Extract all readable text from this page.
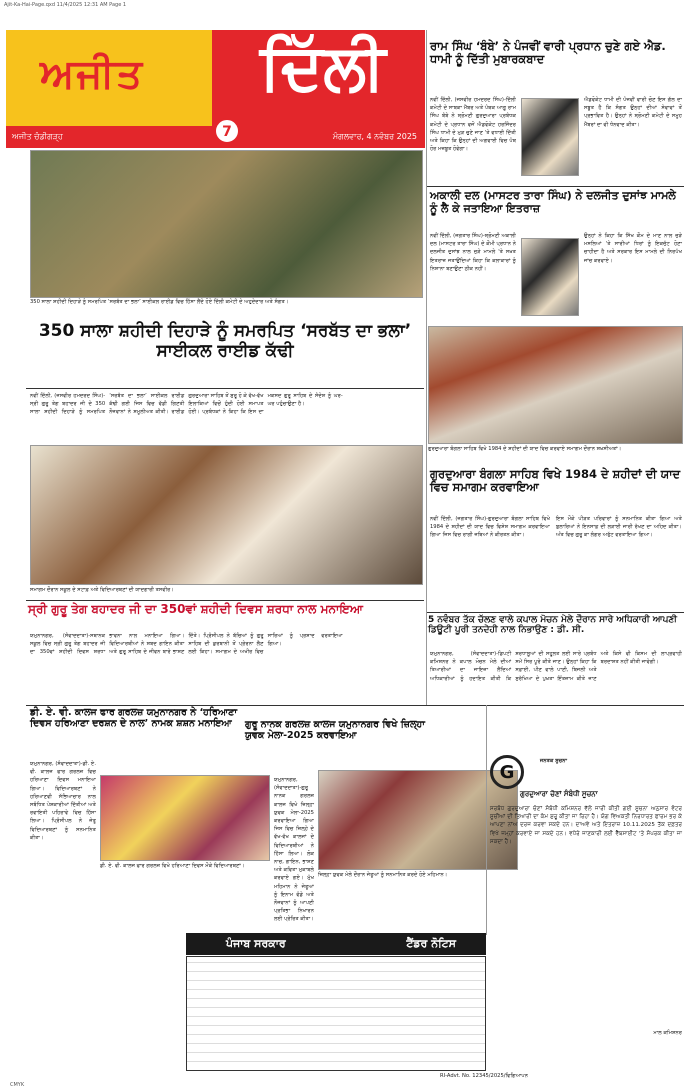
Ajit-Ka-Hai-Page.qxd 11/4/2025 12:31 AM Page 1
ਅਜੀਤ ਦਿੱਲੀ
ਅਜੀਤ ਚੰਡੀਗੜ੍ਹ	ਮੰਗਲਵਾਰ, 4 ਨਵੰਬਰ 2025
7
ਰਾਮ ਸਿੰਘ ‘ਬੰਬੇ’ ਨੇ ਪੰਜਵੀਂ ਵਾਰੀ ਪ੍ਰਧਾਨ ਚੁਣੇ ਗਏ ਐਡ. ਧਾਮੀ ਨੂੰ ਦਿੱਤੀ ਮੁਬਾਰਕਬਾਦ
ਨਵੀਂ ਦਿੱਲੀ, (ਜਸਵੀਰ ਹਮਦਰਦ ਸਿੰਘ)-ਦਿੱਲੀ ਕਮੇਟੀ ਦੇ ਸਾਬਕਾ ਮੈਂਬਰ ਅਤੇ ਪੰਥਕ ਆਗੂ ਰਾਮ ਸਿੰਘ ਬੰਬੇ ਨੇ ਸ਼੍ਰੋਮਣੀ ਗੁਰਦੁਆਰਾ ਪ੍ਰਬੰਧਕ ਕਮੇਟੀ ਦੇ ਪ੍ਰਧਾਨ ਵਜੋਂ ਐਡਵੋਕੇਟ ਹਰਜਿੰਦਰ ਸਿੰਘ ਧਾਮੀ ਦੇ ਮੁੜ ਚੁਣੇ ਜਾਣ 'ਤੇ ਵਧਾਈ ਦਿੱਤੀ ਅਤੇ ਕਿਹਾ ਕਿ ਉਨ੍ਹਾਂ ਦੀ ਅਗਵਾਈ ਵਿਚ ਪੰਥ ਹੋਰ ਮਜ਼ਬੂਤ ਹੋਵੇਗਾ।
ਐਡਵੋਕੇਟ ਧਾਮੀ ਦੀ ਪੰਜਵੀਂ ਵਾਰੀ ਚੋਣ ਇਸ ਗੱਲ ਦਾ ਸਬੂਤ ਹੈ ਕਿ ਸੰਗਤ ਉਨ੍ਹਾਂ ਦੀਆਂ ਸੇਵਾਵਾਂ ਤੋਂ ਪ੍ਰਭਾਵਿਤ ਹੈ। ਉਨ੍ਹਾਂ ਨੇ ਸ਼੍ਰੋਮਣੀ ਕਮੇਟੀ ਦੇ ਸਮੂਹ ਮੈਂਬਰਾਂ ਦਾ ਵੀ ਧੰਨਵਾਦ ਕੀਤਾ।
ਅਕਾਲੀ ਦਲ (ਮਾਸਟਰ ਤਾਰਾ ਸਿੰਘ) ਨੇ ਦਲਜੀਤ ਦੁਸਾਂਝ ਮਾਮਲੇ ਨੂੰ ਲੈ ਕੇ ਜਤਾਇਆ ਇਤਰਾਜ਼
ਨਵੀਂ ਦਿੱਲੀ, (ਜਗਤਾਰ ਸਿੰਘ)-ਸ਼੍ਰੋਮਣੀ ਅਕਾਲੀ ਦਲ (ਮਾਸਟਰ ਤਾਰਾ ਸਿੰਘ) ਦੇ ਕੌਮੀ ਪ੍ਰਧਾਨ ਨੇ ਦਲਜੀਤ ਦੁਸਾਂਝ ਨਾਲ ਜੁੜੇ ਮਾਮਲੇ 'ਤੇ ਸਖ਼ਤ ਇਤਰਾਜ਼ ਜਤਾਉਂਦਿਆਂ ਕਿਹਾ ਕਿ ਕਲਾਕਾਰਾਂ ਨੂੰ ਨਿਸ਼ਾਨਾ ਬਣਾਉਣਾ ਠੀਕ ਨਹੀਂ।
ਉਨ੍ਹਾਂ ਨੇ ਕਿਹਾ ਕਿ ਸਿੱਖ ਕੌਮ ਦੇ ਮਾਣ ਨਾਲ ਜੁੜੇ ਮਸਲਿਆਂ 'ਤੇ ਸਾਰੀਆਂ ਧਿਰਾਂ ਨੂੰ ਇਕਜੁੱਟ ਹੋਣਾ ਚਾਹੀਦਾ ਹੈ ਅਤੇ ਸਰਕਾਰ ਇਸ ਮਾਮਲੇ ਦੀ ਨਿਰਪੱਖ ਜਾਂਚ ਕਰਵਾਏ।
350 ਸਾਲਾ ਸ਼ਹੀਦੀ ਦਿਹਾੜੇ ਨੂੰ ਸਮਰਪਿਤ ‘ਸਰਬੱਤ ਦਾ ਭਲਾ’ ਸਾਈਕਲ ਰਾਈਡ ਵਿਚ ਹਿੱਸਾ ਲੈਂਦੇ ਹੋਏ ਦਿੱਲੀ ਕਮੇਟੀ ਦੇ ਅਹੁਦੇਦਾਰ ਅਤੇ ਸੰਗਤ।
350 ਸਾਲਾ ਸ਼ਹੀਦੀ ਦਿਹਾੜੇ ਨੂੰ ਸਮਰਪਿਤ ‘ਸਰਬੱਤ ਦਾ ਭਲਾ’ ਸਾਈਕਲ ਰਾਈਡ ਕੱਢੀ
ਨਵੀਂ ਦਿੱਲੀ, (ਜਸਵੀਰ ਹਮਦਰਦ ਸਿੰਘ)-ਸ੍ਰੀ ਗੁਰੂ ਤੇਗ ਬਹਾਦਰ ਜੀ ਦੇ 350 ਸਾਲਾ ਸ਼ਹੀਦੀ ਦਿਹਾੜੇ ਨੂੰ ਸਮਰਪਿਤ ‘ਸਰਬੱਤ ਦਾ ਭਲਾ’ ਸਾਈਕਲ ਰਾਈਡ ਕੱਢੀ ਗਈ ਜਿਸ ਵਿਚ ਵੱਡੀ ਗਿਣਤੀ ਨੌਜਵਾਨਾਂ ਨੇ ਸ਼ਮੂਲੀਅਤ ਕੀਤੀ। ਰਾਈਡ ਗੁਰਦੁਆਰਾ ਸਾਹਿਬ ਤੋਂ ਸ਼ੁਰੂ ਹੋ ਕੇ ਵੱਖ-ਵੱਖ ਇਲਾਕਿਆਂ ਵਿਚੋਂ ਹੁੰਦੀ ਹੋਈ ਸਮਾਪਤ ਹੋਈ। ਪ੍ਰਬੰਧਕਾਂ ਨੇ ਕਿਹਾ ਕਿ ਇਸ ਦਾ ਮਕਸਦ ਗੁਰੂ ਸਾਹਿਬ ਦੇ ਸੰਦੇਸ਼ ਨੂੰ ਘਰ-ਘਰ ਪਹੁੰਚਾਉਣਾ ਹੈ।
ਗੁਰਦੁਆਰਾ ਬੰਗਲਾ ਸਾਹਿਬ ਵਿਖੇ 1984 ਦੇ ਸ਼ਹੀਦਾਂ ਦੀ ਯਾਦ ਵਿਚ ਕਰਵਾਏ ਸਮਾਗਮ ਦੌਰਾਨ ਸ਼ਖ਼ਸੀਅਤਾਂ।
ਗੁਰਦੁਆਰਾ ਬੰਗਲਾ ਸਾਹਿਬ ਵਿਖੇ 1984 ਦੇ ਸ਼ਹੀਦਾਂ ਦੀ ਯਾਦ ਵਿਚ ਸਮਾਗਮ ਕਰਵਾਇਆ
ਨਵੀਂ ਦਿੱਲੀ, (ਜਗਤਾਰ ਸਿੰਘ)-ਗੁਰਦੁਆਰਾ ਬੰਗਲਾ ਸਾਹਿਬ ਵਿਖੇ 1984 ਦੇ ਸ਼ਹੀਦਾਂ ਦੀ ਯਾਦ ਵਿਚ ਵਿਸ਼ੇਸ਼ ਸਮਾਗਮ ਕਰਵਾਇਆ ਗਿਆ ਜਿਸ ਵਿਚ ਰਾਗੀ ਜਥਿਆਂ ਨੇ ਕੀਰਤਨ ਕੀਤਾ।
ਇਸ ਮੌਕੇ ਪੀੜਤ ਪਰਿਵਾਰਾਂ ਨੂੰ ਸਨਮਾਨਿਤ ਕੀਤਾ ਗਿਆ ਅਤੇ ਬੁਲਾਰਿਆਂ ਨੇ ਇਨਸਾਫ਼ ਦੀ ਲੜਾਈ ਜਾਰੀ ਰੱਖਣ ਦਾ ਅਹਿਦ ਕੀਤਾ। ਅੰਤ ਵਿਚ ਗੁਰੂ ਕਾ ਲੰਗਰ ਅਤੁੱਟ ਵਰਤਾਇਆ ਗਿਆ।
ਸਮਾਗਮ ਦੌਰਾਨ ਸਕੂਲ ਦੇ ਸਟਾਫ਼ ਅਤੇ ਵਿਦਿਆਰਥਣਾਂ ਦੀ ਯਾਦਗਾਰੀ ਤਸਵੀਰ।
ਸ੍ਰੀ ਗੁਰੂ ਤੇਗ ਬਹਾਦਰ ਜੀ ਦਾ 350ਵਾਂ ਸ਼ਹੀਦੀ ਦਿਵਸ ਸ਼ਰਧਾ ਨਾਲ ਮਨਾਇਆ
ਯਮੁਨਾਨਗਰ, (ਸੰਵਾਦਦਾਤਾ)-ਸਥਾਨਕ ਸਕੂਲ ਵਿਚ ਸ੍ਰੀ ਗੁਰੂ ਤੇਗ ਬਹਾਦਰ ਜੀ ਦਾ 350ਵਾਂ ਸ਼ਹੀਦੀ ਦਿਵਸ ਸ਼ਰਧਾ ਭਾਵਨਾ ਨਾਲ ਮਨਾਇਆ ਗਿਆ। ਵਿਦਿਆਰਥੀਆਂ ਨੇ ਸ਼ਬਦ ਗਾਇਨ ਕੀਤਾ ਅਤੇ ਗੁਰੂ ਸਾਹਿਬ ਦੇ ਜੀਵਨ ਬਾਰੇ ਭਾਸ਼ਣ ਦਿੱਤੇ। ਪ੍ਰਿੰਸੀਪਲ ਨੇ ਬੱਚਿਆਂ ਨੂੰ ਗੁਰੂ ਸਾਹਿਬ ਦੀ ਕੁਰਬਾਨੀ ਤੋਂ ਪ੍ਰੇਰਨਾ ਲੈਣ ਲਈ ਕਿਹਾ। ਸਮਾਗਮ ਦੇ ਅਖੀਰ ਵਿਚ ਸਾਰਿਆਂ ਨੂੰ ਪ੍ਰਸ਼ਾਦ ਵਰਤਾਇਆ ਗਿਆ।
5 ਨਵੰਬਰ ਤੱਕ ਚੱਲਣ ਵਾਲੇ ਕਪਾਲ ਮੋਚਨ ਮੇਲੇ ਦੌਰਾਨ ਸਾਰੇ ਅਧਿਕਾਰੀ ਆਪਣੀ ਡਿਊਟੀ ਪੂਰੀ ਤਨਦੇਹੀ ਨਾਲ ਨਿਭਾਉਣ : ਡੀ. ਸੀ.
ਯਮੁਨਾਨਗਰ, (ਸੰਵਾਦਦਾਤਾ)-ਡਿਪਟੀ ਕਮਿਸ਼ਨਰ ਨੇ ਕਪਾਲ ਮੋਚਨ ਮੇਲੇ ਦੀਆਂ ਤਿਆਰੀਆਂ ਦਾ ਜਾਇਜ਼ਾ ਲੈਂਦਿਆਂ ਅਧਿਕਾਰੀਆਂ ਨੂੰ ਹਦਾਇਤ ਕੀਤੀ ਕਿ ਸ਼ਰਧਾਲੂਆਂ ਦੀ ਸਹੂਲਤ ਲਈ ਸਾਰੇ ਪ੍ਰਬੰਧ ਸਮੇਂ ਸਿਰ ਪੂਰੇ ਕੀਤੇ ਜਾਣ। ਉਨ੍ਹਾਂ ਕਿਹਾ ਕਿ ਸਫ਼ਾਈ, ਪੀਣ ਵਾਲੇ ਪਾਣੀ, ਬਿਜਲੀ ਅਤੇ ਸੁਰੱਖਿਆ ਦੇ ਪੁਖ਼ਤਾ ਇੰਤਜ਼ਾਮ ਕੀਤੇ ਜਾਣ ਅਤੇ ਕਿਸੇ ਵੀ ਕਿਸਮ ਦੀ ਲਾਪ੍ਰਵਾਹੀ ਬਰਦਾਸ਼ਤ ਨਹੀਂ ਕੀਤੀ ਜਾਵੇਗੀ।
ਡੀ. ਏ. ਵੀ. ਕਾਲਜ ਫਾਰ ਗਰਲਜ਼ ਯਮੁਨਾਨਗਰ ਨੇ ‘ਹਰਿਆਣਾ ਦਿਵਸ ਹਰਿਆਣਾ ਦਰਸ਼ਨ ਦੇ ਨਾਲ’ ਨਾਮਕ ਸ਼ਸ਼ਨ ਮਨਾਇਆ
ਡੀ. ਏ. ਵੀ. ਕਾਲਜ ਫਾਰ ਗਰਲਜ਼ ਵਿਖੇ ਹਰਿਆਣਾ ਦਿਵਸ ਮੌਕੇ ਵਿਦਿਆਰਥਣਾਂ।
ਯਮੁਨਾਨਗਰ, (ਸੰਵਾਦਦਾਤਾ)-ਡੀ. ਏ. ਵੀ. ਕਾਲਜ ਫਾਰ ਗਰਲਜ਼ ਵਿਚ ਹਰਿਆਣਾ ਦਿਵਸ ਮਨਾਇਆ ਗਿਆ। ਵਿਦਿਆਰਥਣਾਂ ਨੇ ਹਰਿਆਣਵੀ ਸੱਭਿਆਚਾਰ ਨਾਲ ਸਬੰਧਿਤ ਪੇਸ਼ਕਾਰੀਆਂ ਦਿੱਤੀਆਂ ਅਤੇ ਰਵਾਇਤੀ ਪਹਿਰਾਵੇ ਵਿਚ ਹਿੱਸਾ ਲਿਆ। ਪ੍ਰਿੰਸੀਪਲ ਨੇ ਜੇਤੂ ਵਿਦਿਆਰਥਣਾਂ ਨੂੰ ਸਨਮਾਨਿਤ ਕੀਤਾ।
ਗੁਰੂ ਨਾਨਕ ਗਰਲਜ਼ ਕਾਲਜ ਯਮੁਨਾਨਗਰ ਵਿਖੇ ਜ਼ਿਲ੍ਹਾ ਯੁਵਕ ਮੇਲਾ-2025 ਕਰਵਾਇਆ
ਯਮੁਨਾਨਗਰ, (ਸੰਵਾਦਦਾਤਾ)-ਗੁਰੂ ਨਾਨਕ ਗਰਲਜ਼ ਕਾਲਜ ਵਿਖੇ ਜ਼ਿਲ੍ਹਾ ਯੁਵਕ ਮੇਲਾ-2025 ਕਰਵਾਇਆ ਗਿਆ ਜਿਸ ਵਿਚ ਜ਼ਿਲ੍ਹੇ ਦੇ ਵੱਖ-ਵੱਖ ਕਾਲਜਾਂ ਦੇ ਵਿਦਿਆਰਥੀਆਂ ਨੇ ਹਿੱਸਾ ਲਿਆ। ਲੋਕ ਨਾਚ, ਗਾਇਨ, ਭਾਸ਼ਣ ਅਤੇ ਕਵਿਤਾ ਮੁਕਾਬਲੇ ਕਰਵਾਏ ਗਏ। ਮੁੱਖ ਮਹਿਮਾਨ ਨੇ ਜੇਤੂਆਂ ਨੂੰ ਇਨਾਮ ਵੰਡੇ ਅਤੇ ਨੌਜਵਾਨਾਂ ਨੂੰ ਆਪਣੀ ਪ੍ਰਤਿਭਾ ਨਿਖਾਰਨ ਲਈ ਪ੍ਰੇਰਿਤ ਕੀਤਾ।
ਜ਼ਿਲ੍ਹਾ ਯੁਵਕ ਮੇਲੇ ਦੌਰਾਨ ਜੇਤੂਆਂ ਨੂੰ ਸਨਮਾਨਿਤ ਕਰਦੇ ਹੋਏ ਮਹਿਮਾਨ।
G
ਜਨਤਕ ਸੂਚਨਾ
ਗੁਰਦੁਆਰਾ ਚੋਣਾਂ ਸੰਬੰਧੀ ਸੂਚਨਾ
ਸਰਬੰਧ ਗੁਰਦੁਆਰਾ ਚੋਣਾਂ ਸੰਬੰਧੀ ਕਮਿਸ਼ਨਰ ਵੱਲੋਂ ਜਾਰੀ ਕੀਤੀ ਗਈ ਸੂਚਨਾ ਅਨੁਸਾਰ ਵੋਟਰ ਸੂਚੀਆਂ ਦੀ ਤਿਆਰੀ ਦਾ ਕੰਮ ਸ਼ੁਰੂ ਕੀਤਾ ਜਾ ਰਿਹਾ ਹੈ। ਯੋਗ ਵਿਅਕਤੀ ਨਿਰਧਾਰਤ ਫਾਰਮ ਭਰ ਕੇ ਆਪਣਾ ਨਾਂਅ ਦਰਜ ਕਰਵਾ ਸਕਦੇ ਹਨ। ਦਾਅਵੇ ਅਤੇ ਇਤਰਾਜ਼ 10.11.2025 ਤੱਕ ਦਫ਼ਤਰ ਵਿਖੇ ਜਮ੍ਹਾਂ ਕਰਵਾਏ ਜਾ ਸਕਦੇ ਹਨ। ਵਧੇਰੇ ਜਾਣਕਾਰੀ ਲਈ ਵੈੱਬਸਾਈਟ 'ਤੇ ਸੰਪਰਕ ਕੀਤਾ ਜਾ ਸਕਦਾ ਹੈ।
ਮਾਲ ਕਮਿਸ਼ਨਰ
ਪੰਜਾਬ ਸਰਕਾਰ	ਟੈਂਡਰ ਨੋਟਿਸ
RI-Advt. No. 12345/2025/ਵਿਗਿਆਪਨ
CMYK
